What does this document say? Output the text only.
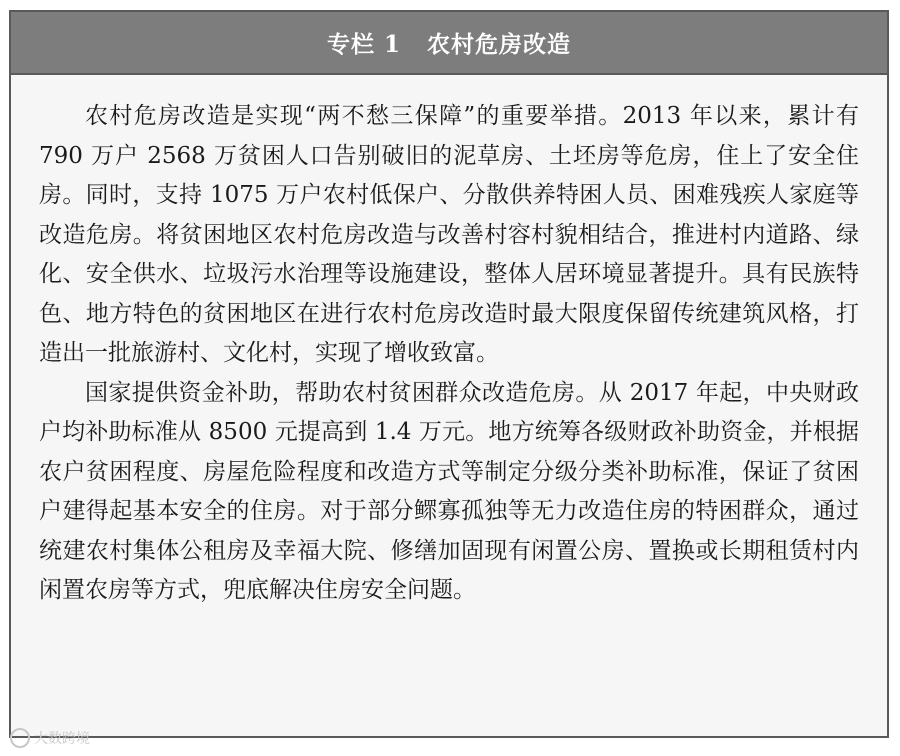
专栏 1 农村危房改造

农村危房改造是实现“两不愁三保障”的重要举措。2013 年以来，累计有 790 万户 2568 万贫困人口告别破旧的泥草房、土坯房等危房，住上了安全住房。同时，支持 1075 万户农村低保户、分散供养特困人员、困难残疾人家庭等改造危房。将贫困地区农村危房改造与改善村容村貌相结合，推进村内道路、绿化、安全供水、垃圾污水治理等设施建设，整体人居环境显著提升。具有民族特色、地方特色的贫困地区在进行农村危房改造时最大限度保留传统建筑风格，打造出一批旅游村、文化村，实现了增收致富。

国家提供资金补助，帮助农村贫困群众改造危房。从 2017 年起，中央财政户均补助标准从 8500 元提高到 1.4 万元。地方统筹各级财政补助资金，并根据农户贫困程度、房屋危险程度和改造方式等制定分级分类补助标准，保证了贫困户建得起基本安全的住房。对于部分鳏寡孤独等无力改造住房的特困群众，通过统建农村集体公租房及幸福大院、修缮加固现有闲置公房、置换或长期租赁村内闲置农房等方式，兜底解决住房安全问题。

大数跨境
